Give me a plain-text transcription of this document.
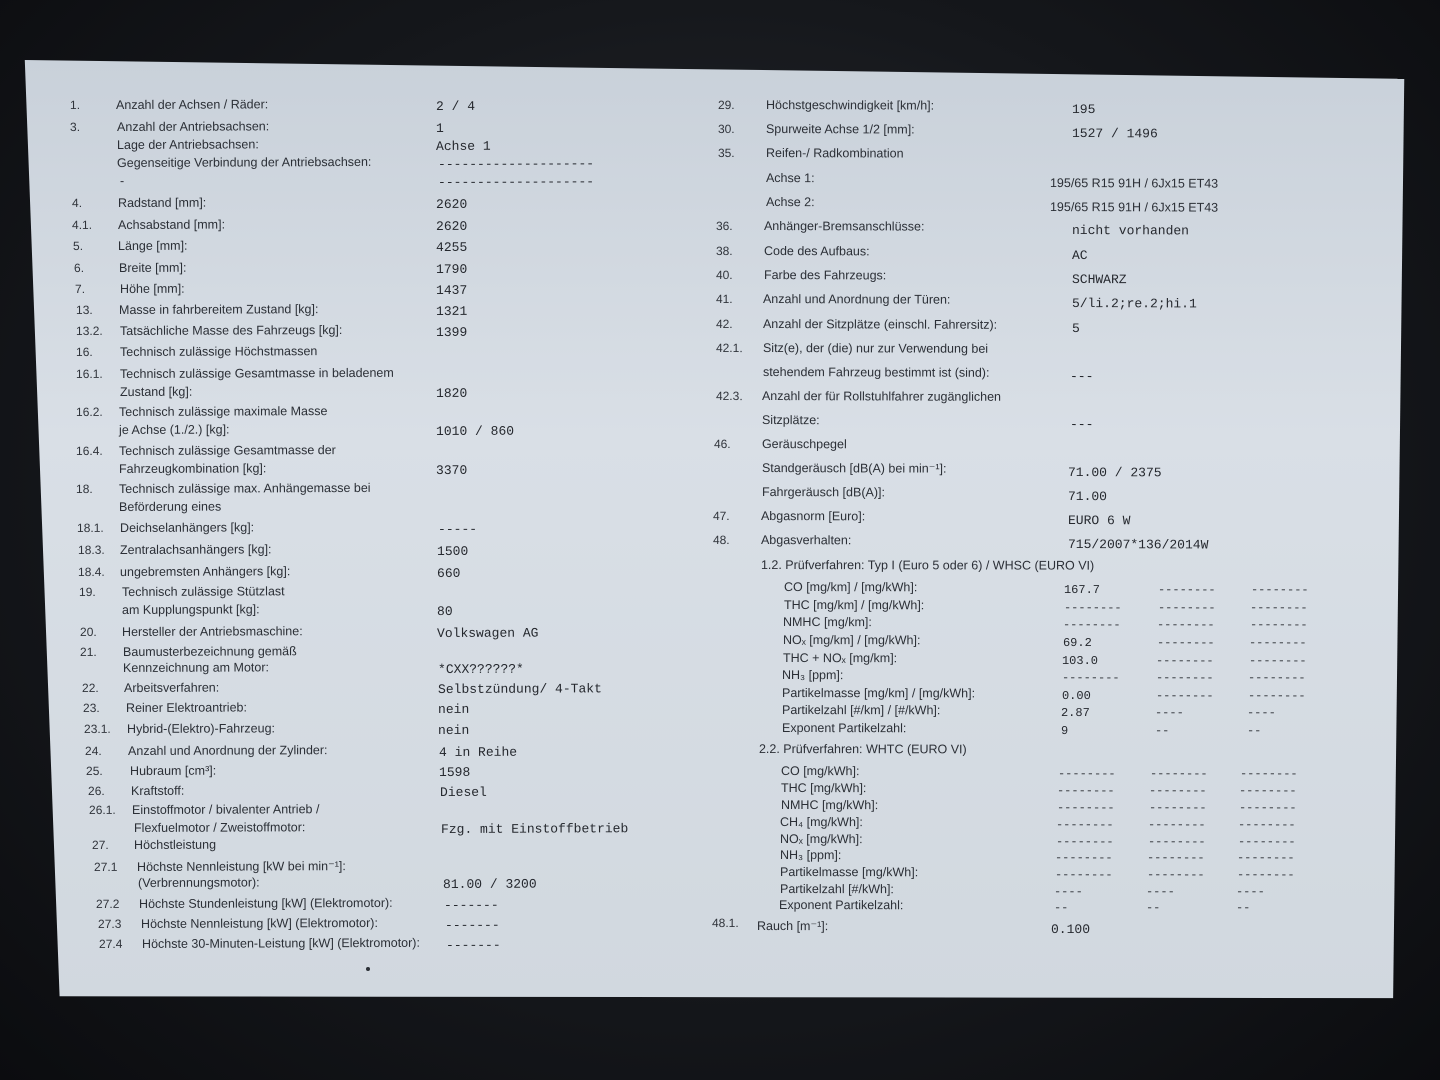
1.	Anzahl der Achsen / Räder:	2 / 4
3.	Anzahl der Antriebsachsen:	1
Lage der Antriebsachsen:	Achse 1
Gegenseitige Verbindung der Antriebsachsen:	--------------------
-	--------------------
4.	Radstand [mm]:	2620
4.1. Achsabstand [mm]:	2620
5.	Länge [mm]:	4255
6.	Breite [mm]:	1790
7.	Höhe [mm]:	1437
13. Masse in fahrbereitem Zustand [kg]:	1321
13.2. Tatsächliche Masse des Fahrzeugs [kg]:	1399
16. Technisch zulässige Höchstmassen
16.1. Technisch zulässige Gesamtmasse in beladenem
Zustand [kg]:	1820
16.2. Technisch zulässige maximale Masse
je Achse (1./2.) [kg]:	1010 / 860
16.4. Technisch zulässige Gesamtmasse der
Fahrzeugkombination [kg]:	3370
18. Technisch zulässige max. Anhängemasse bei
Beförderung eines
18.1. Deichselanhängers [kg]:	-----
18.3. Zentralachsanhängers [kg]:	1500
18.4. ungebremsten Anhängers [kg]:	660
19. Technisch zulässige Stützlast
am Kupplungspunkt [kg]:	80
20. Hersteller der Antriebsmaschine:	Volkswagen AG
21. Baumusterbezeichnung gemäß
Kennzeichnung am Motor:	*CXX??????*
22. Arbeitsverfahren:	Selbstzündung/ 4-Takt
23. Reiner Elektroantrieb:	nein
23.1. Hybrid-(Elektro)-Fahrzeug:	nein
24. Anzahl und Anordnung der Zylinder:	4 in Reihe
25. Hubraum [cm³]:	1598
26. Kraftstoff:	Diesel
26.1. Einstoffmotor / bivalenter Antrieb /
Flexfuelmotor / Zweistoffmotor:	Fzg. mit Einstoffbetrieb
27. Höchstleistung
27.1 Höchste Nennleistung [kW bei min⁻¹]:
(Verbrennungsmotor):	81.00 / 3200
27.2 Höchste Stundenleistung [kW] (Elektromotor):	-------
27.3 Höchste Nennleistung [kW] (Elektromotor):	-------
27.4 Höchste 30-Minuten-Leistung [kW] (Elektromotor): -------
29.	Höchstgeschwindigkeit [km/h]:	195
30.	Spurweite Achse 1/2 [mm]:	1527 / 1496
35.	Reifen-/ Radkombination
Achse 1:	195/65 R15 91H / 6Jx15 ET43
Achse 2:	195/65 R15 91H / 6Jx15 ET43
36.	Anhänger-Bremsanschlüsse:	nicht vorhanden
38.	Code des Aufbaus:	AC
40.	Farbe des Fahrzeugs:	SCHWARZ
41. Anzahl und Anordnung der Türen:	5/li.2;re.2;hi.1
42. Anzahl der Sitzplätze (einschl. Fahrersitz):	5
42.1. Sitz(e), der (die) nur zur Verwendung bei
stehendem Fahrzeug bestimmt ist (sind):	---
42.3. Anzahl der für Rollstuhlfahrer zugänglichen
Sitzplätze:	---
46.	Geräuschpegel
Standgeräusch [dB(A) bei min⁻¹]:	71.00 / 2375
Fahrgeräusch [dB(A)]:	71.00
47.	Abgasnorm [Euro]:	EURO 6 W
48.	Abgasverhalten:	715/2007*136/2014W
1.2. Prüfverfahren: Typ I (Euro 5 oder 6) / WHSC (EURO VI)
CO [mg/km] / [mg/kWh]:	167.7	--------	--------
THC [mg/km] / [mg/kWh]:	--------	--------	--------
NMHC [mg/km]:	--------	--------	--------
NOₓ [mg/km] / [mg/kWh]:	69.2	--------	--------
THC + NOₓ [mg/km]:	103.0	--------	--------
NH₃ [ppm]:	--------	--------	--------
Partikelmasse [mg/km] / [mg/kWh]:	0.00	--------	--------
Partikelzahl [#/km] / [#/kWh]:	2.87	----	----
Exponent Partikelzahl:	9	--	--
2.2. Prüfverfahren: WHTC (EURO VI)
CO [mg/kWh]:	--------	--------	--------
THC [mg/kWh]:	--------	--------	--------
NMHC [mg/kWh]:	--------	--------	--------
CH₄ [mg/kWh]:	--------	--------	--------
NOₓ [mg/kWh]:	--------	--------	--------
NH₃ [ppm]:	--------	--------	--------
Partikelmasse [mg/kWh]:	--------	--------	--------
Partikelzahl [#/kWh]:	----	----	----
Exponent Partikelzahl:	--	--	--
48.1. Rauch [m⁻¹]:	0.100
